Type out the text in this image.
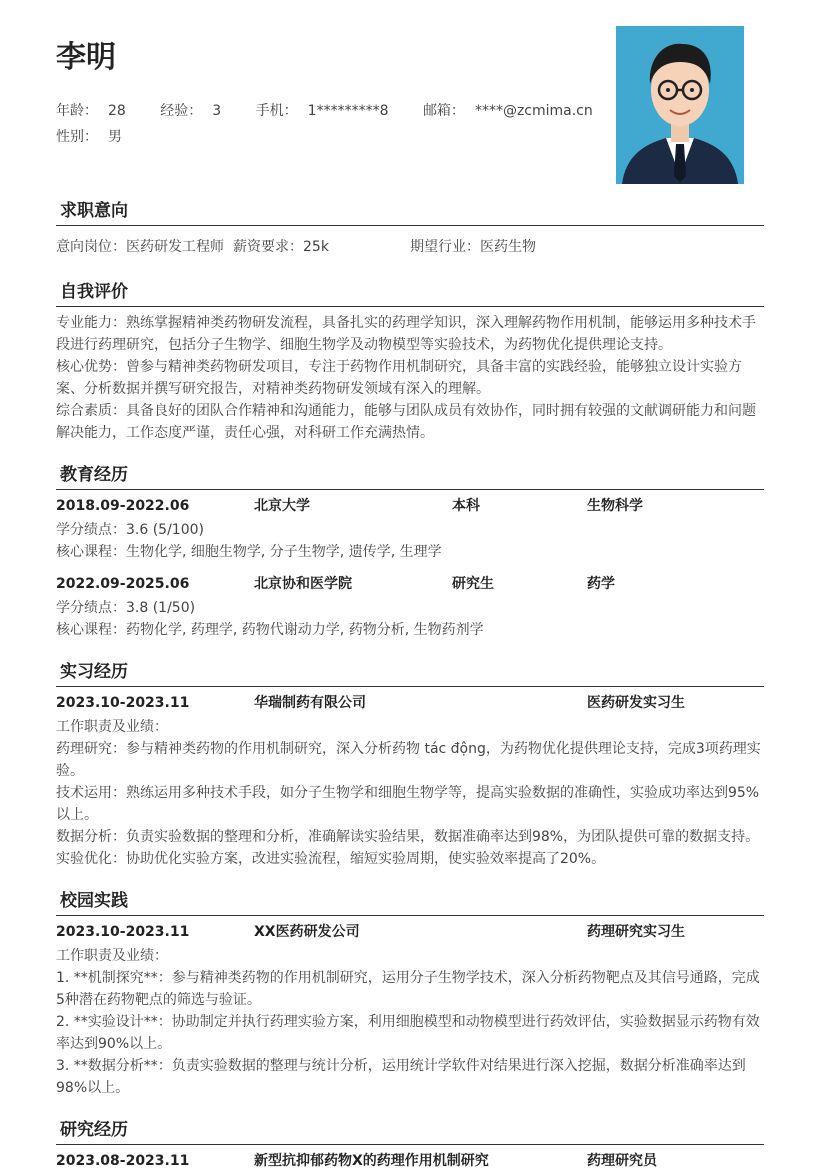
李明
年龄： 28 经验： 3 手机： 1*********8 邮箱： ****@zcmima.cn
性别： 男
求职意向
意向岗位：医药研发工程师 薪资要求：25k	期望行业：医药生物
自我评价

专业能力：熟练掌握精神类药物研发流程，具备扎实的药理学知识，深入理解药物作用机制，能够运用多种技术手段进行药理研究，包括分子生物学、细胞生物学及动物模型等实验技术，为药物优化提供理论支持。

核心优势：曾参与精神类药物研发项目，专注于药物作用机制研究，具备丰富的实践经验，能够独立设计实验方案、分析数据并撰写研究报告，对精神类药物研发领域有深入的理解。

综合素质：具备良好的团队合作精神和沟通能力，能够与团队成员有效协作，同时拥有较强的文献调研能力和问题解决能力，工作态度严谨，责任心强，对科研工作充满热情。

教育经历
2018.09-2022.06	北京大学	本科	生物科学
学分绩点：3.6 (5/100)
核心课程：生物化学, 细胞生物学, 分子生物学, 遗传学, 生理学
2022.09-2025.06	北京协和医学院	研究生	药学
学分绩点：3.8 (1/50)
核心课程：药物化学, 药理学, 药物代谢动力学, 药物分析, 生物药剂学
实习经历
2023.10-2023.11	华瑞制药有限公司	医药研发实习生
工作职责及业绩：
药理研究：参与精神类药物的作用机制研究，深入分析药物 tác động，为药物优化提供理论支持，完成3项药理实验。
技术运用：熟练运用多种技术手段，如分子生物学和细胞生物学等，提高实验数据的准确性，实验成功率达到95%以上。
数据分析：负责实验数据的整理和分析，准确解读实验结果，数据准确率达到98%，为团队提供可靠的数据支持。
实验优化：协助优化实验方案，改进实验流程，缩短实验周期，使实验效率提高了20%。
校园实践
2023.10-2023.11	XX医药研发公司	药理研究实习生
工作职责及业绩：
1. **机制探究**：参与精神类药物的作用机制研究，运用分子生物学技术，深入分析药物靶点及其信号通路，完成5种潜在药物靶点的筛选与验证。
2. **实验设计**：协助制定并执行药理实验方案，利用细胞模型和动物模型进行药效评估，实验数据显示药物有效率达到90%以上。
3. **数据分析**：负责实验数据的整理与统计分析，运用统计学软件对结果进行深入挖掘，数据分析准确率达到98%以上。
研究经历
2023.08-2023.11	新型抗抑郁药物X的药理作用机制研究	药理研究员
